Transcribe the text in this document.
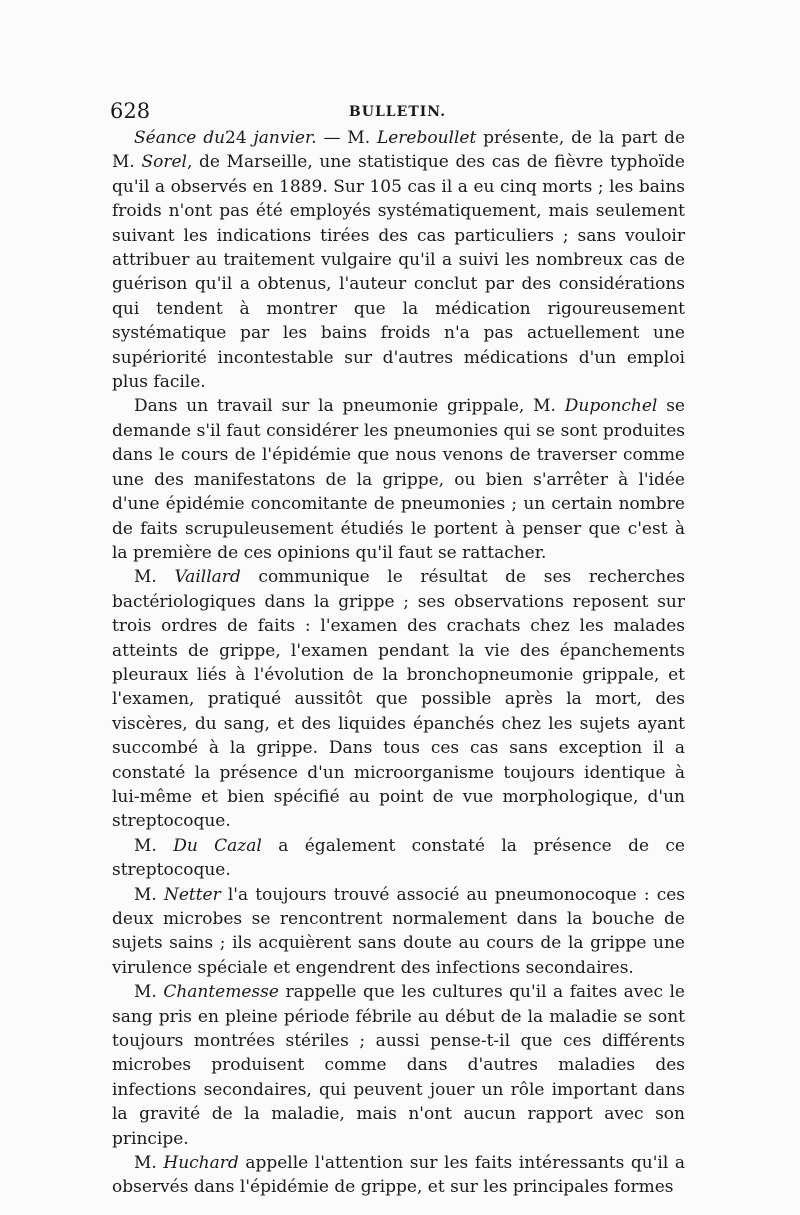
628	BULLETIN.

Séance du24 janvier. — M. Lereboullet présente, de la part de M. Sorel, de Marseille, une statistique des cas de fièvre typhoïde qu'il a observés en 1889. Sur 105 cas il a eu cinq morts ; les bains froids n'ont pas été employés systématiquement, mais seulement suivant les indications tirées des cas particuliers ; sans vouloir attribuer au traitement vulgaire qu'il a suivi les nombreux cas de guérison qu'il a obtenus, l'auteur conclut par des considérations qui tendent à montrer que la médication rigoureusement systématique par les bains froids n'a pas actuellement une supériorité incontestable sur d'autres médications d'un emploi plus facile.

Dans un travail sur la pneumonie grippale, M. Duponchel se demande s'il faut considérer les pneumonies qui se sont produites dans le cours de l'épidémie que nous venons de traverser comme une des manifestatons de la grippe, ou bien s'arrêter à l'idée d'une épidémie concomitante de pneumonies ; un certain nombre de faits scrupuleusement étudiés le portent à penser que c'est à la première de ces opinions qu'il faut se rattacher.

M. Vaillard communique le résultat de ses recherches bactériologiques dans la grippe ; ses observations reposent sur trois ordres de faits : l'examen des crachats chez les malades atteints de grippe, l'examen pendant la vie des épanchements pleuraux liés à l'évolution de la bronchopneumonie grippale, et l'examen, pratiqué aussitôt que possible après la mort, des viscères, du sang, et des liquides épanchés chez les sujets ayant succombé à la grippe. Dans tous ces cas sans exception il a constaté la présence d'un microorganisme toujours identique à lui-même et bien spécifié au point de vue morphologique, d'un streptocoque.

M. Du Cazal a également constaté la présence de ce streptocoque.

M. Netter l'a toujours trouvé associé au pneumonocoque : ces deux microbes se rencontrent normalement dans la bouche de sujets sains ; ils acquièrent sans doute au cours de la grippe une virulence spéciale et engendrent des infections secondaires.

M. Chantemesse rappelle que les cultures qu'il a faites avec le sang pris en pleine période fébrile au début de la maladie se sont toujours montrées stériles ; aussi pense-t-il que ces différents microbes produisent comme dans d'autres maladies des infections secondaires, qui peuvent jouer un rôle important dans la gravité de la maladie, mais n'ont aucun rapport avec son principe.

M. Huchard appelle l'attention sur les faits intéressants qu'il a observés dans l'épidémie de grippe, et sur les principales formes
